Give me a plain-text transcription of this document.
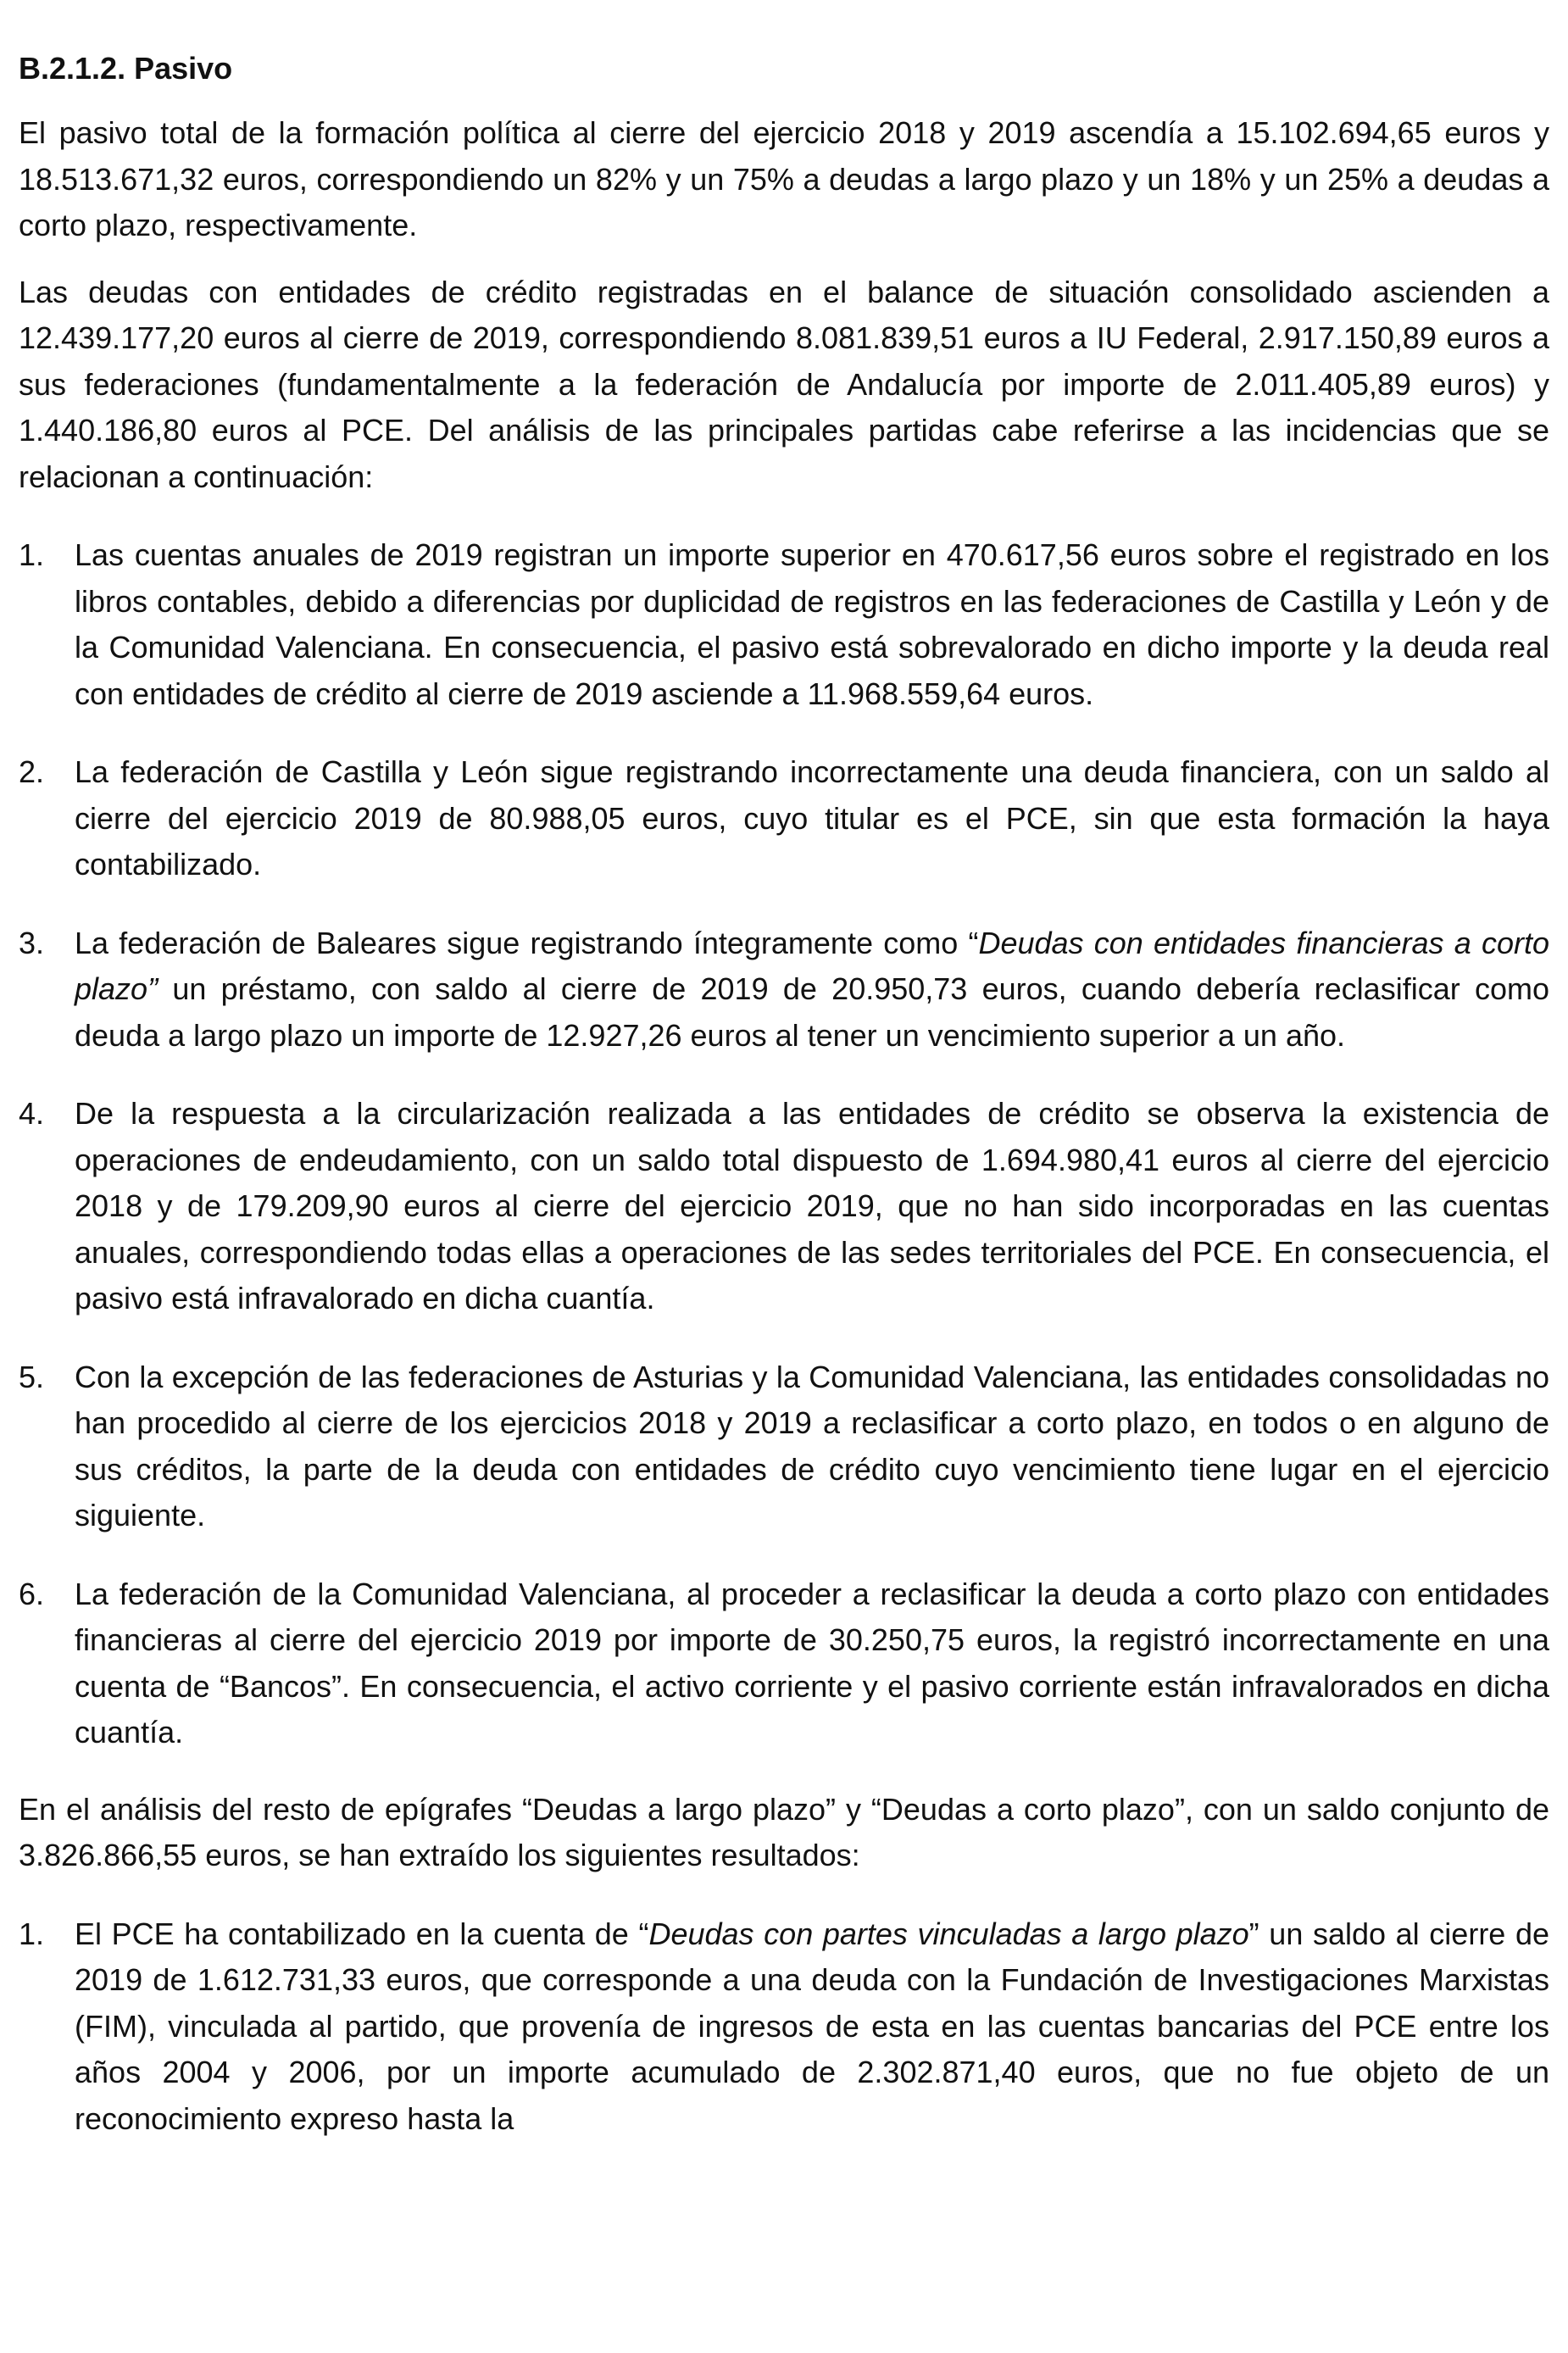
B.2.1.2. Pasivo

El pasivo total de la formación política al cierre del ejercicio 2018 y 2019 ascendía a 15.102.694,65 euros y 18.513.671,32 euros, correspondiendo un 82% y un 75% a deudas a largo plazo y un 18% y un 25% a deudas a corto plazo, respectivamente.

Las deudas con entidades de crédito registradas en el balance de situación consolidado ascienden a 12.439.177,20 euros al cierre de 2019, correspondiendo 8.081.839,51 euros a IU Federal, 2.917.150,89 euros a sus federaciones (fundamentalmente a la federación de Andalucía por importe de 2.011.405,89 euros) y 1.440.186,80 euros al PCE. Del análisis de las principales partidas cabe referirse a las incidencias que se relacionan a continuación:

1. Las cuentas anuales de 2019 registran un importe superior en 470.617,56 euros sobre el registrado en los libros contables, debido a diferencias por duplicidad de registros en las federaciones de Castilla y León y de la Comunidad Valenciana. En consecuencia, el pasivo está sobrevalorado en dicho importe y la deuda real con entidades de crédito al cierre de 2019 asciende a 11.968.559,64 euros.
2. La federación de Castilla y León sigue registrando incorrectamente una deuda financiera, con un saldo al cierre del ejercicio 2019 de 80.988,05 euros, cuyo titular es el PCE, sin que esta formación la haya contabilizado.
3. La federación de Baleares sigue registrando íntegramente como “Deudas con entidades financieras a corto plazo” un préstamo, con saldo al cierre de 2019 de 20.950,73 euros, cuando debería reclasificar como deuda a largo plazo un importe de 12.927,26 euros al tener un vencimiento superior a un año.
4. De la respuesta a la circularización realizada a las entidades de crédito se observa la existencia de operaciones de endeudamiento, con un saldo total dispuesto de 1.694.980,41 euros al cierre del ejercicio 2018 y de 179.209,90 euros al cierre del ejercicio 2019, que no han sido incorporadas en las cuentas anuales, correspondiendo todas ellas a operaciones de las sedes territoriales del PCE. En consecuencia, el pasivo está infravalorado en dicha cuantía.
5. Con la excepción de las federaciones de Asturias y la Comunidad Valenciana, las entidades consolidadas no han procedido al cierre de los ejercicios 2018 y 2019 a reclasificar a corto plazo, en todos o en alguno de sus créditos, la parte de la deuda con entidades de crédito cuyo vencimiento tiene lugar en el ejercicio siguiente.
6. La federación de la Comunidad Valenciana, al proceder a reclasificar la deuda a corto plazo con entidades financieras al cierre del ejercicio 2019 por importe de 30.250,75 euros, la registró incorrectamente en una cuenta de “Bancos”. En consecuencia, el activo corriente y el pasivo corriente están infravalorados en dicha cuantía.

En el análisis del resto de epígrafes “Deudas a largo plazo” y “Deudas a corto plazo”, con un saldo conjunto de 3.826.866,55 euros, se han extraído los siguientes resultados:

1. El PCE ha contabilizado en la cuenta de “Deudas con partes vinculadas a largo plazo” un saldo al cierre de 2019 de 1.612.731,33 euros, que corresponde a una deuda con la Fundación de Investigaciones Marxistas (FIM), vinculada al partido, que provenía de ingresos de esta en las cuentas bancarias del PCE entre los años 2004 y 2006, por un importe acumulado de 2.302.871,40 euros, que no fue objeto de un reconocimiento expreso hasta la
